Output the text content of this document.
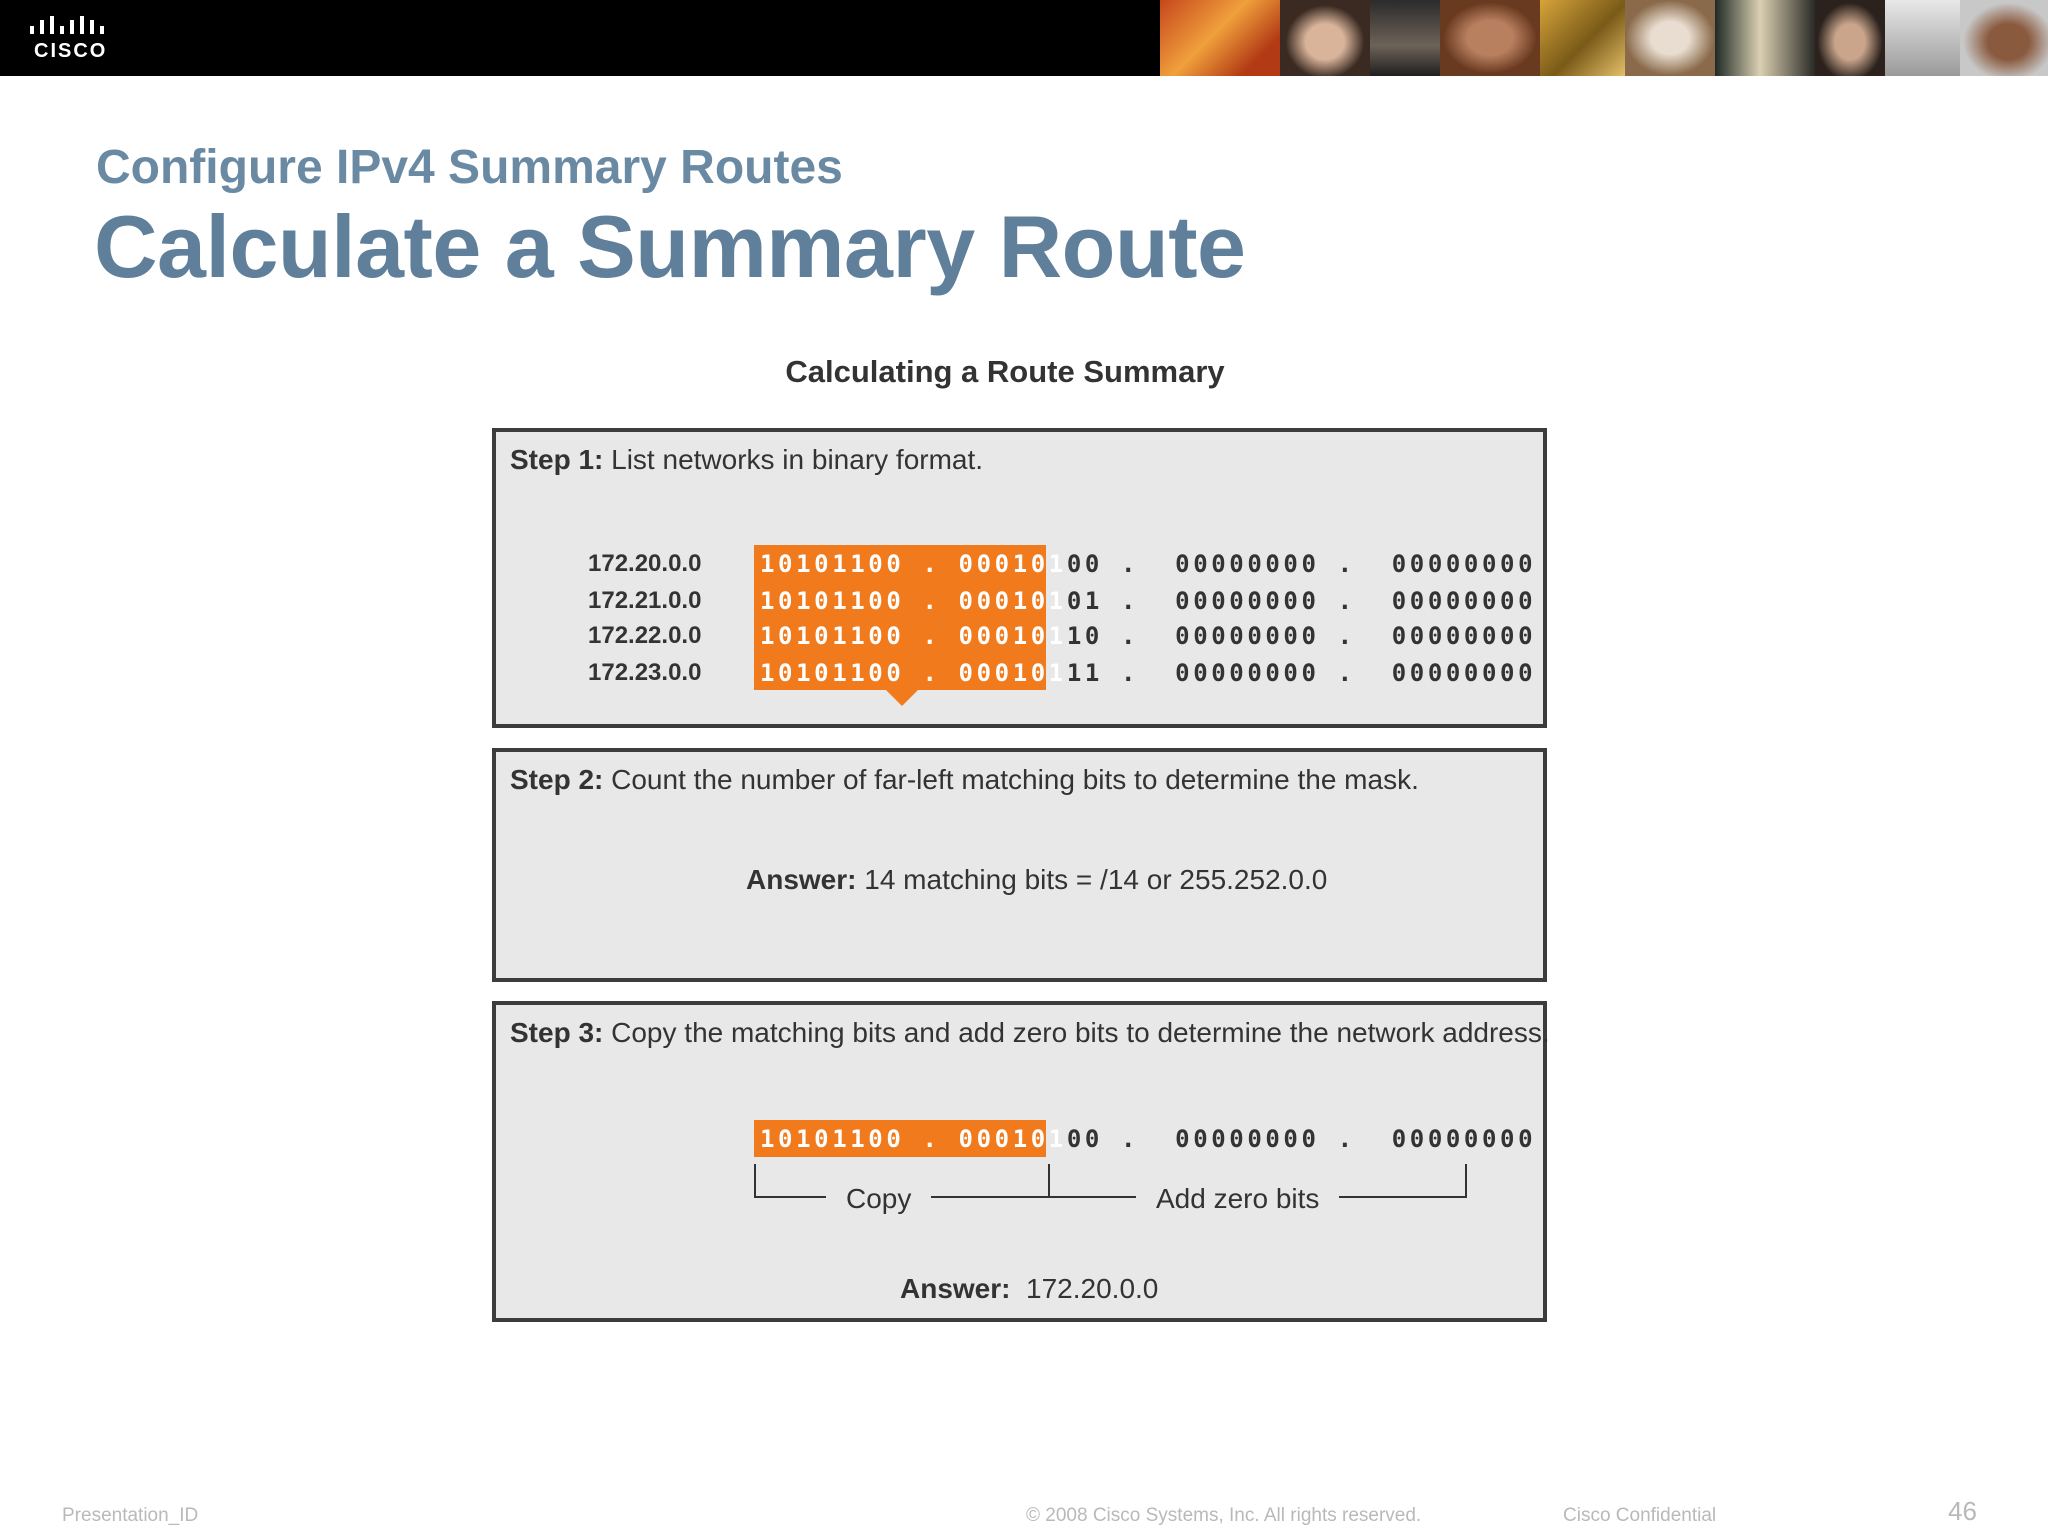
CISCO
Configure IPv4 Summary Routes
Calculate a Summary Route
Calculating a Route Summary
Step 1: List networks in binary format.
172.20.0.0 10101100 . 00010100 .  00000000 .  00000000
172.21.0.0 10101100 . 00010101 .  00000000 .  00000000
172.22.0.0 10101100 . 00010110 .  00000000 .  00000000
172.23.0.0 10101100 . 00010111 .  00000000 .  00000000
Step 2: Count the number of far-left matching bits to determine the mask.
Answer: 14 matching bits = /14 or 255.252.0.0
Step 3: Copy the matching bits and add zero bits to determine the network address.
10101100 . 00010100 .  00000000 .  00000000
Copy	Add zero bits
Answer:  172.20.0.0
Presentation_ID	© 2008 Cisco Systems, Inc. All rights reserved.	Cisco Confidential	46
